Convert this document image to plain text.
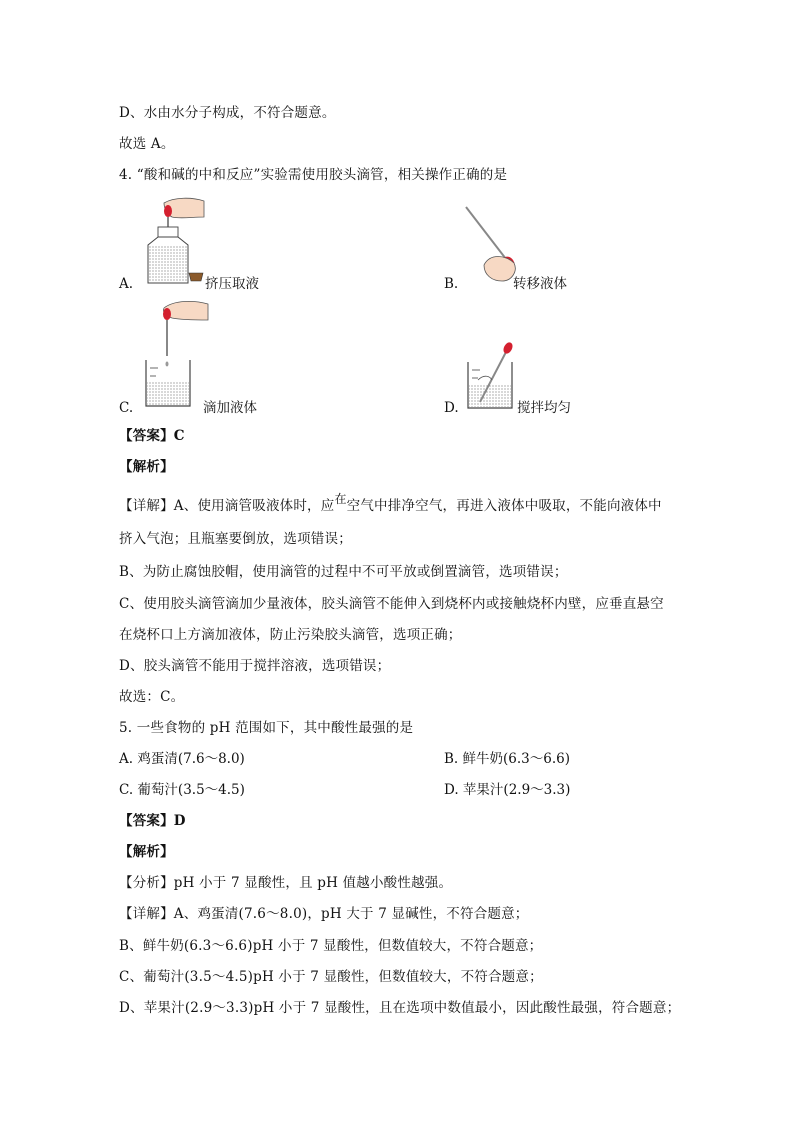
D、水由水分子构成，不符合题意。
故选 A。
4. “酸和碱的中和反应”实验需使用胶头滴管，相关操作正确的是
A.	挤压取液	B.	转移液体
C.	滴加液体	D.	搅拌均匀
【答案】C
【解析】
【详解】A、使用滴管吸液体时，应在空气中排净空气，再进入液体中吸取，不能向液体中
挤入气泡；且瓶塞要倒放，选项错误；
B、为防止腐蚀胶帽，使用滴管的过程中不可平放或倒置滴管，选项错误；
C、使用胶头滴管滴加少量液体，胶头滴管不能伸入到烧杯内或接触烧杯内壁，应垂直悬空
在烧杯口上方滴加液体，防止污染胶头滴管，选项正确；
D、胶头滴管不能用于搅拌溶液，选项错误；
故选：C。
5. 一些食物的 pH 范围如下，其中酸性最强的是
A. 鸡蛋清(7.6～8.0)	B. 鲜牛奶(6.3～6.6)
C. 葡萄汁(3.5～4.5)	D. 苹果汁(2.9～3.3)
【答案】D
【解析】
【分析】pH 小于 7 显酸性，且 pH 值越小酸性越强。
【详解】A、鸡蛋清(7.6～8.0)，pH 大于 7 显碱性，不符合题意；
B、鲜牛奶(6.3～6.6)pH 小于 7 显酸性，但数值较大，不符合题意；
C、葡萄汁(3.5～4.5)pH 小于 7 显酸性，但数值较大，不符合题意；
D、苹果汁(2.9～3.3)pH 小于 7 显酸性，且在选项中数值最小，因此酸性最强，符合题意；
